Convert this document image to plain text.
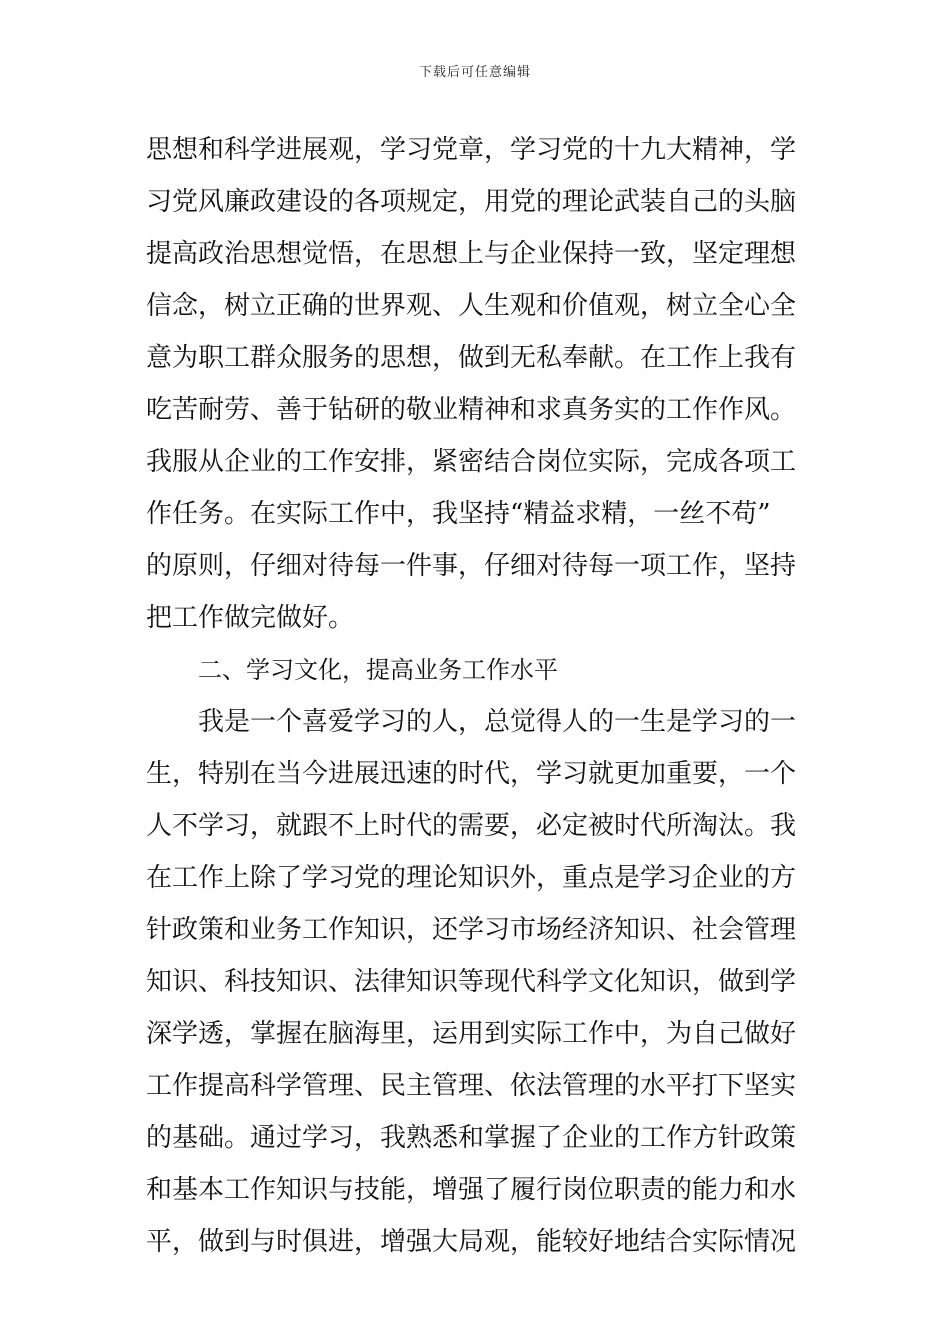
下载后可任意编辑
思想和科学进展观，学习党章，学习党的十九大精神，学
习党风廉政建设的各项规定，用党的理论武装自己的头脑
提高政治思想觉悟，在思想上与企业保持一致，坚定理想
信念，树立正确的世界观、人生观和价值观，树立全心全
意为职工群众服务的思想，做到无私奉献。在工作上我有
吃苦耐劳、善于钻研的敬业精神和求真务实的工作作风。
我服从企业的工作安排，紧密结合岗位实际，完成各项工
作任务。在实际工作中，我坚持“精益求精，一丝不苟”
的原则，仔细对待每一件事，仔细对待每一项工作，坚持
把工作做完做好。
二、学习文化，提高业务工作水平
我是一个喜爱学习的人，总觉得人的一生是学习的一
生，特别在当今进展迅速的时代，学习就更加重要，一个
人不学习，就跟不上时代的需要，必定被时代所淘汰。我
在工作上除了学习党的理论知识外，重点是学习企业的方
针政策和业务工作知识，还学习市场经济知识、社会管理
知识、科技知识、法律知识等现代科学文化知识，做到学
深学透，掌握在脑海里，运用到实际工作中，为自己做好
工作提高科学管理、民主管理、依法管理的水平打下坚实
的基础。通过学习，我熟悉和掌握了企业的工作方针政策
和基本工作知识与技能，增强了履行岗位职责的能力和水
平，做到与时俱进，增强大局观，能较好地结合实际情况
